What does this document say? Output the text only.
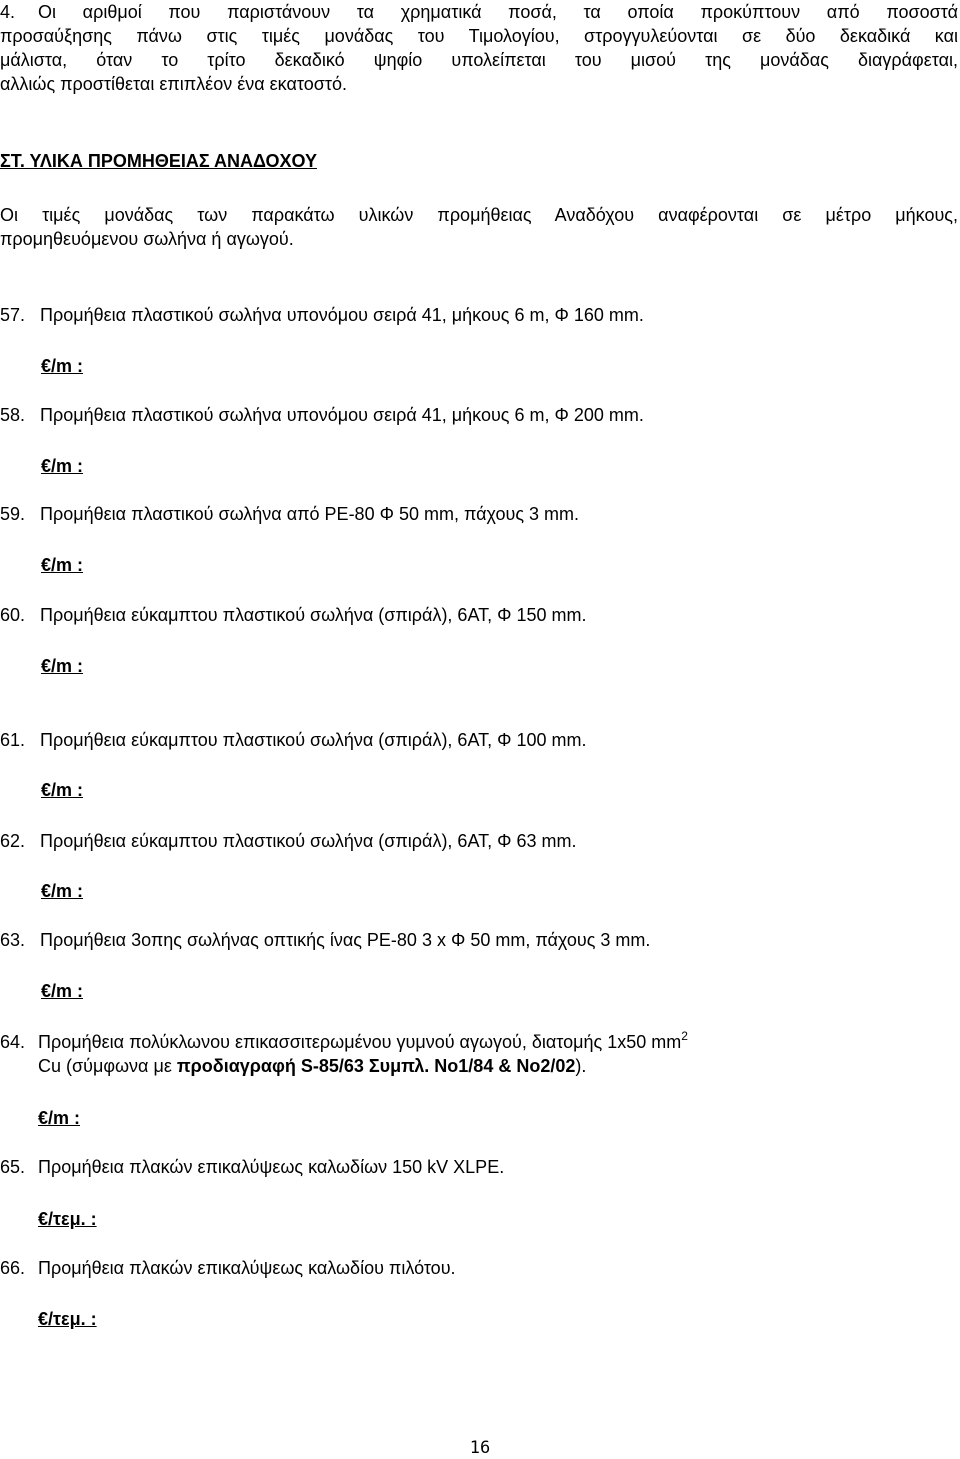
4. Οι αριθμοί που παριστάνουν τα χρηματικά ποσά, τα οποία προκύπτουν από ποσοστά
προσαύξησης πάνω στις τιμές μονάδας του Τιμολογίου, στρογγυλεύονται σε δύο δεκαδικά και
μάλιστα, όταν το τρίτο δεκαδικό ψηφίο υπολείπεται του μισού της μονάδας διαγράφεται,
αλλιώς προστίθεται επιπλέον ένα εκατοστό.
ΣΤ. ΥΛΙΚΑ ΠΡΟΜΗΘΕΙΑΣ ΑΝΑΔΟΧΟΥ
Οι τιμές μονάδας των παρακάτω υλικών προμήθειας Αναδόχου αναφέρονται σε μέτρο μήκους,
προμηθευόμενου σωλήνα ή αγωγού.
57. Προμήθεια πλαστικού σωλήνα υπονόμου σειρά 41, μήκους 6 m, Φ 160 mm.
€/m :
58. Προμήθεια πλαστικού σωλήνα υπονόμου σειρά 41, μήκους 6 m, Φ 200 mm.
€/m :
59. Προμήθεια πλαστικού σωλήνα από PE-80 Φ 50 mm, πάχους 3 mm.
€/m :
60. Προμήθεια εύκαμπτου πλαστικού σωλήνα (σπιράλ), 6AT, Φ 150 mm.
€/m :
61. Προμήθεια εύκαμπτου πλαστικού σωλήνα (σπιράλ), 6AT, Φ 100 mm.
€/m :
62. Προμήθεια εύκαμπτου πλαστικού σωλήνα (σπιράλ), 6AT, Φ 63 mm.
€/m :
63. Προμήθεια 3οπης σωλήνας οπτικής ίνας PE-80 3 x Φ 50 mm, πάχους 3 mm.
€/m :
64. Προμήθεια πολύκλωνου επικασσιτερωμένου γυμνού αγωγού, διατομής 1x50 $mm^2$
Cu (σύμφωνα με προδιαγραφή S-85/63 Συμπλ. Νο1/84 & Νο2/02).
€/m :
65. Προμήθεια πλακών επικαλύψεως καλωδίων 150 kV XLPE.
€/τεμ. :
66. Προμήθεια πλακών επικαλύψεως καλωδίου πιλότου.
€/τεμ. :
16
